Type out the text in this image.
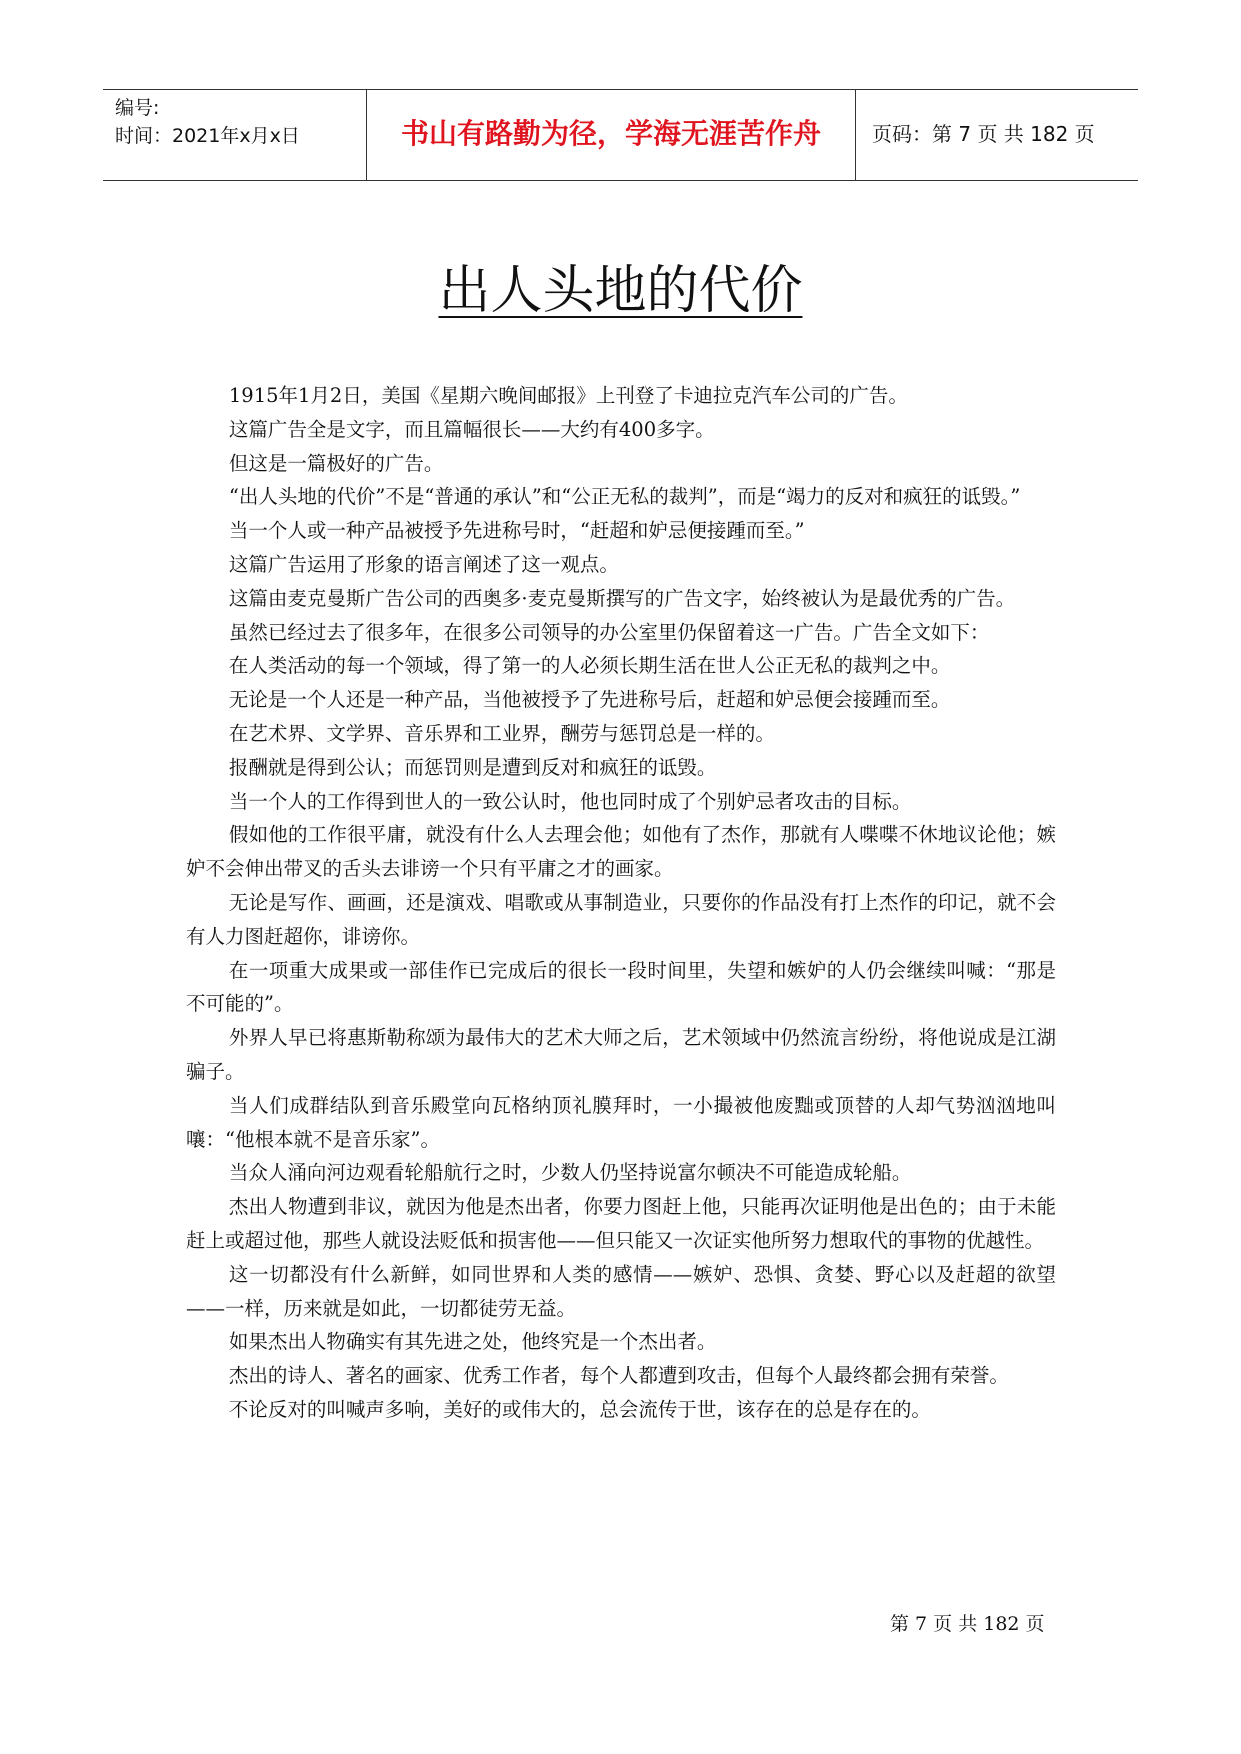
编号:
时间：2021年x月x日	书山有路勤为径，学海无涯苦作舟	页码：第 7 页 共 182 页
出人头地的代价

1915年1月2日，美国《星期六晚间邮报》上刊登了卡迪拉克汽车公司的广告。

这篇广告全是文字，而且篇幅很长——大约有400多字。

但这是一篇极好的广告。

“出人头地的代价”不是“普通的承认”和“公正无私的裁判”，而是“竭力的反对和疯狂的诋毁。”

当一个人或一种产品被授予先进称号时，“赶超和妒忌便接踵而至。”

这篇广告运用了形象的语言阐述了这一观点。

这篇由麦克曼斯广告公司的西奥多·麦克曼斯撰写的广告文字，始终被认为是最优秀的广告。

虽然已经过去了很多年，在很多公司领导的办公室里仍保留着这一广告。广告全文如下：

在人类活动的每一个领域，得了第一的人必须长期生活在世人公正无私的裁判之中。

无论是一个人还是一种产品，当他被授予了先进称号后，赶超和妒忌便会接踵而至。

在艺术界、文学界、音乐界和工业界，酬劳与惩罚总是一样的。

报酬就是得到公认；而惩罚则是遭到反对和疯狂的诋毁。

当一个人的工作得到世人的一致公认时，他也同时成了个别妒忌者攻击的目标。

假如他的工作很平庸，就没有什么人去理会他；如他有了杰作，那就有人喋喋不休地议论他；嫉妒不会伸出带叉的舌头去诽谤一个只有平庸之才的画家。

无论是写作、画画，还是演戏、唱歌或从事制造业，只要你的作品没有打上杰作的印记，就不会有人力图赶超你，诽谤你。

在一项重大成果或一部佳作已完成后的很长一段时间里，失望和嫉妒的人仍会继续叫喊：“那是不可能的”。

外界人早已将惠斯勒称颂为最伟大的艺术大师之后，艺术领域中仍然流言纷纷，将他说成是江湖骗子。

当人们成群结队到音乐殿堂向瓦格纳顶礼膜拜时，一小撮被他废黜或顶替的人却气势汹汹地叫嚷：“他根本就不是音乐家”。

当众人涌向河边观看轮船航行之时，少数人仍坚持说富尔顿决不可能造成轮船。

杰出人物遭到非议，就因为他是杰出者，你要力图赶上他，只能再次证明他是出色的；由于未能赶上或超过他，那些人就设法贬低和损害他——但只能又一次证实他所努力想取代的事物的优越性。

这一切都没有什么新鲜，如同世界和人类的感情——嫉妒、恐惧、贪婪、野心以及赶超的欲望——一样，历来就是如此，一切都徒劳无益。

如果杰出人物确实有其先进之处，他终究是一个杰出者。

杰出的诗人、著名的画家、优秀工作者，每个人都遭到攻击，但每个人最终都会拥有荣誉。

不论反对的叫喊声多响，美好的或伟大的，总会流传于世，该存在的总是存在的。

第 7 页 共 182 页
